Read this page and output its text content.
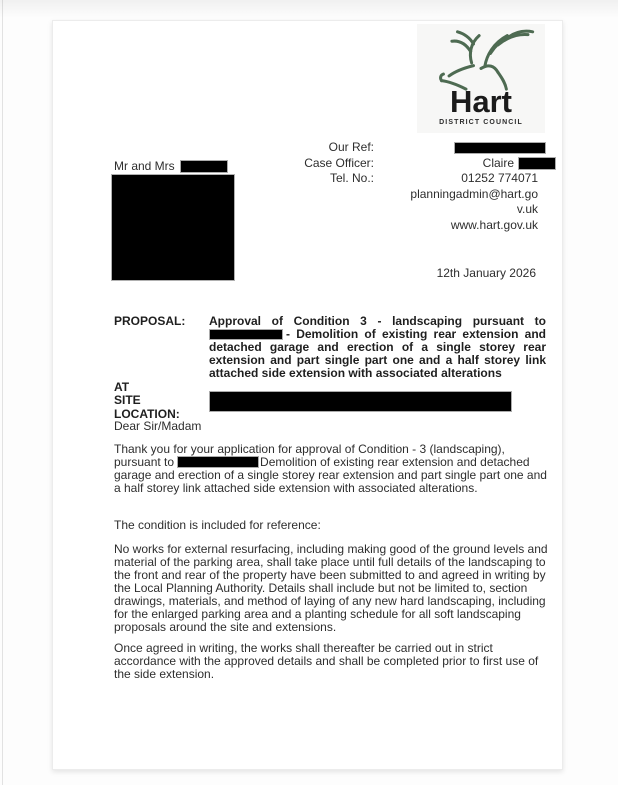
Hart
DISTRICT COUNCIL
Our Ref:
Case Officer:	Claire
Tel. No.:	01252 774071
planningadmin@hart.go
v.uk
www.hart.gov.uk
Mr and Mrs
12th January 2026
PROPOSAL:	Approval of Condition 3 - landscaping pursuant to - Demolition of existing rear extension and detached garage and erection of a single storey rear extension and part single part one and a half storey link attached side extension with associated alterations
AT
SITE LOCATION:
Dear Sir/Madam
Thank you for your application for approval of Condition - 3 (landscaping), pursuant to	Demolition of existing rear extension and detached garage and erection of a single storey rear extension and part single part one and a half storey link attached side extension with associated alterations.
The condition is included for reference:
No works for external resurfacing, including making good of the ground levels and material of the parking area, shall take place until full details of the landscaping to the front and rear of the property have been submitted to and agreed in writing by the Local Planning Authority. Details shall include but not be limited to, section drawings, materials, and method of laying of any new hard landscaping, including for the enlarged parking area and a planting schedule for all soft landscaping proposals around the site and extensions.
Once agreed in writing, the works shall thereafter be carried out in strict accordance with the approved details and shall be completed prior to first use of the side extension.
